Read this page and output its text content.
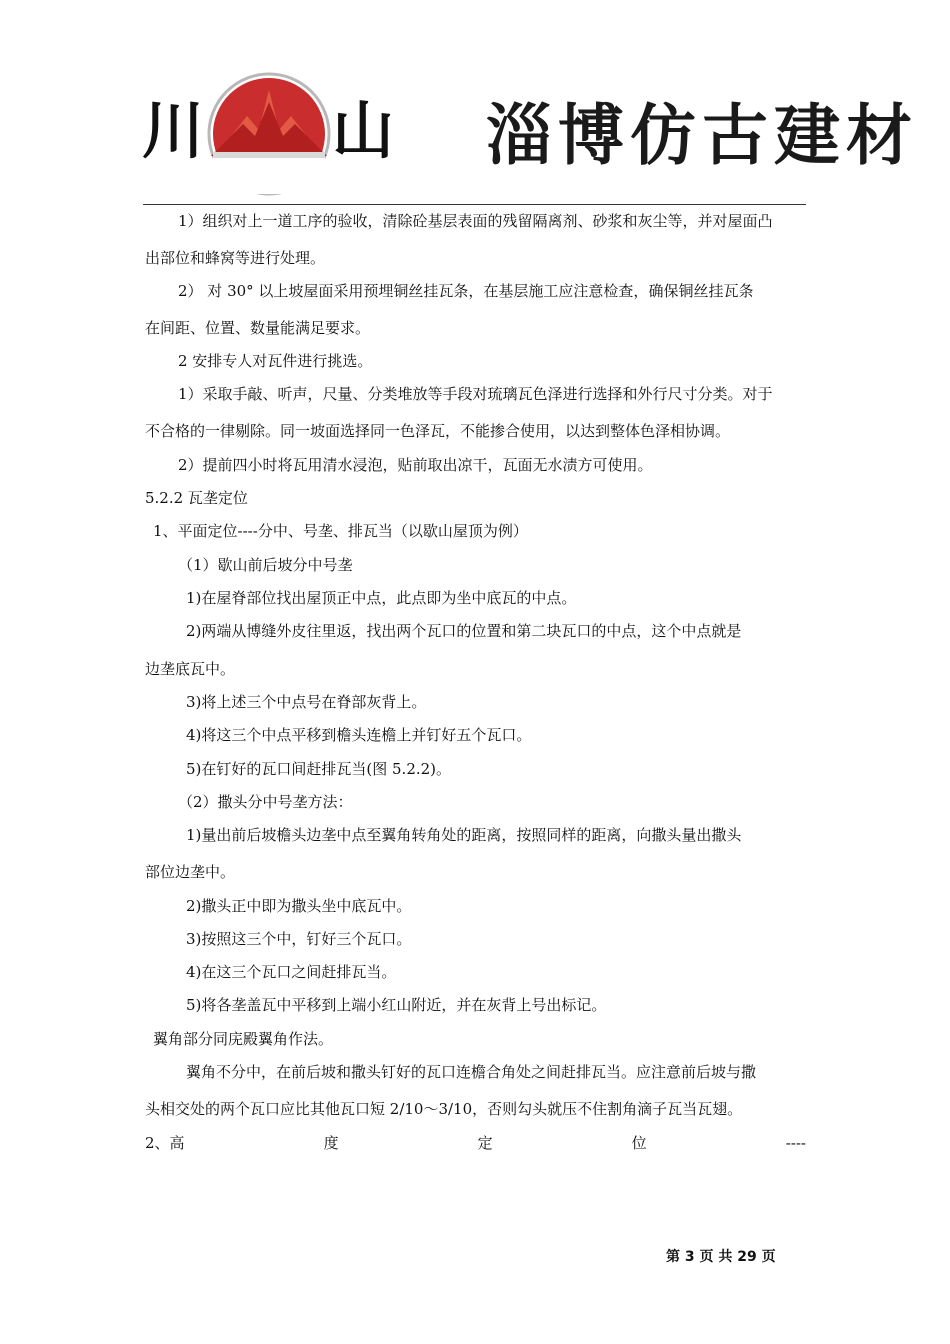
川 山 淄博仿古建材
1）组织对上一道工序的验收，清除砼基层表面的残留隔离剂、砂浆和灰尘等，并对屋面凸
出部位和蜂窝等进行处理。
2） 对 30° 以上坡屋面采用预埋铜丝挂瓦条，在基层施工应注意检查，确保铜丝挂瓦条
在间距、位置、数量能满足要求。
2 安排专人对瓦件进行挑选。
1）采取手敲、听声，尺量、分类堆放等手段对琉璃瓦色泽进行选择和外行尺寸分类。对于
不合格的一律剔除。同一坡面选择同一色泽瓦，不能掺合使用，以达到整体色泽相协调。
2）提前四小时将瓦用清水浸泡，贴前取出凉干，瓦面无水渍方可使用。
5.2.2 瓦垄定位
1、平面定位----分中、号垄、排瓦当（以歇山屋顶为例）
（1）歇山前后坡分中号垄
1)在屋脊部位找出屋顶正中点，此点即为坐中底瓦的中点。
2)两端从博缝外皮往里返，找出两个瓦口的位置和第二块瓦口的中点，这个中点就是
边垄底瓦中。
3)将上述三个中点号在脊部灰背上。
4)将这三个中点平移到檐头连檐上并钉好五个瓦口。
5)在钉好的瓦口间赶排瓦当(图 5.2.2)。
（2）撒头分中号垄方法：
1)量出前后坡檐头边垄中点至翼角转角处的距离，按照同样的距离，向撒头量出撒头
部位边垄中。
2)撒头正中即为撒头坐中底瓦中。
3)按照这三个中，钉好三个瓦口。
4)在这三个瓦口之间赶排瓦当。
5)将各垄盖瓦中平移到上端小红山附近，并在灰背上号出标记。
翼角部分同庑殿翼角作法。
翼角不分中，在前后坡和撒头钉好的瓦口连檐合角处之间赶排瓦当。应注意前后坡与撒
头相交处的两个瓦口应比其他瓦口短 2/10～3/10，否则勾头就压不住割角滴子瓦当瓦翅。
2、高	度	定	位	----
第 3 页 共 29 页
